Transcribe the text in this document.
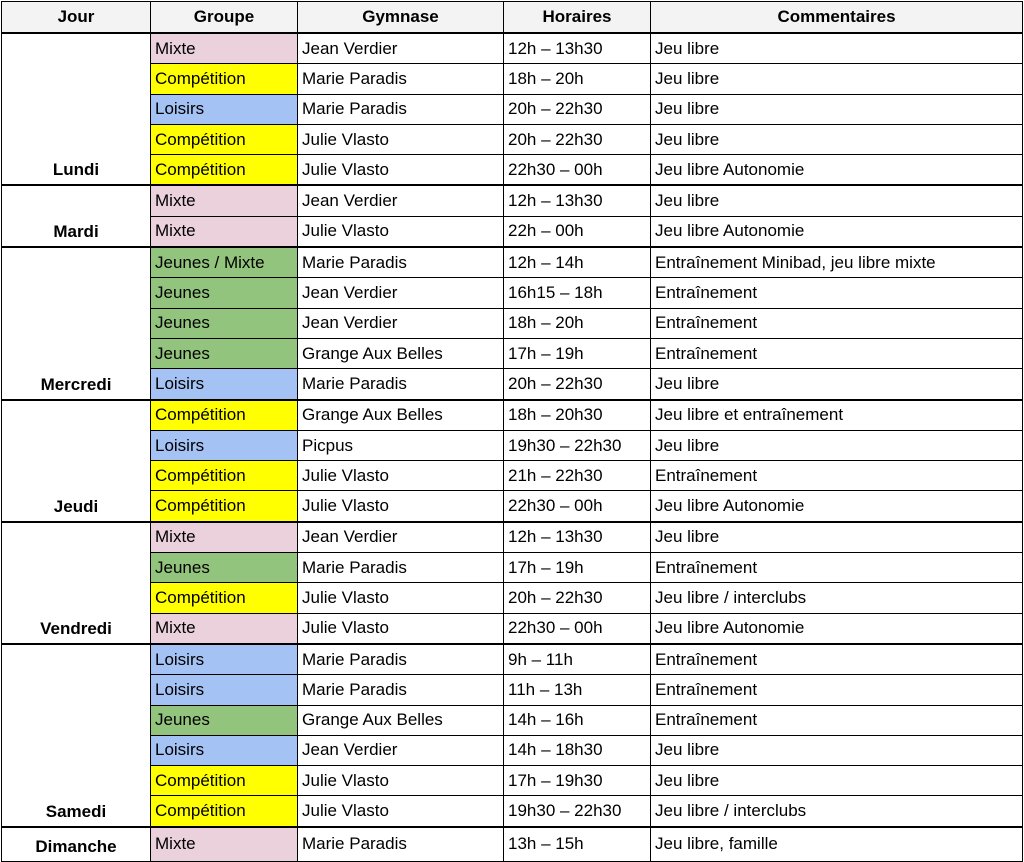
Jour	Groupe	Gymnase	Horaires	Commentaires
Lundi	Mixte	Jean Verdier	12h – 13h30	Jeu libre
	Compétition	Marie Paradis	18h – 20h	Jeu libre
	Loisirs	Marie Paradis	20h – 22h30	Jeu libre
	Compétition	Julie Vlasto	20h – 22h30	Jeu libre
	Compétition	Julie Vlasto	22h30 – 00h	Jeu libre Autonomie
Mardi	Mixte	Jean Verdier	12h – 13h30	Jeu libre
	Mixte	Julie Vlasto	22h – 00h	Jeu libre Autonomie
Mercredi	Jeunes / Mixte	Marie Paradis	12h – 14h	Entraînement Minibad, jeu libre mixte
	Jeunes	Jean Verdier	16h15 – 18h	Entraînement
	Jeunes	Jean Verdier	18h – 20h	Entraînement
	Jeunes	Grange Aux Belles	17h – 19h	Entraînement
	Loisirs	Marie Paradis	20h – 22h30	Jeu libre
Jeudi	Compétition	Grange Aux Belles	18h – 20h30	Jeu libre et entraînement
	Loisirs	Picpus	19h30 – 22h30	Jeu libre
	Compétition	Julie Vlasto	21h – 22h30	Entraînement
	Compétition	Julie Vlasto	22h30 – 00h	Jeu libre Autonomie
Vendredi	Mixte	Jean Verdier	12h – 13h30	Jeu libre
	Jeunes	Marie Paradis	17h – 19h	Entraînement
	Compétition	Julie Vlasto	20h – 22h30	Jeu libre / interclubs
	Mixte	Julie Vlasto	22h30 – 00h	Jeu libre Autonomie
Samedi	Loisirs	Marie Paradis	9h – 11h	Entraînement
	Loisirs	Marie Paradis	11h – 13h	Entraînement
	Jeunes	Grange Aux Belles	14h – 16h	Entraînement
	Loisirs	Jean Verdier	14h – 18h30	Jeu libre
	Compétition	Julie Vlasto	17h – 19h30	Jeu libre
	Compétition	Julie Vlasto	19h30 – 22h30	Jeu libre / interclubs
Dimanche	Mixte	Marie Paradis	13h – 15h	Jeu libre, famille
